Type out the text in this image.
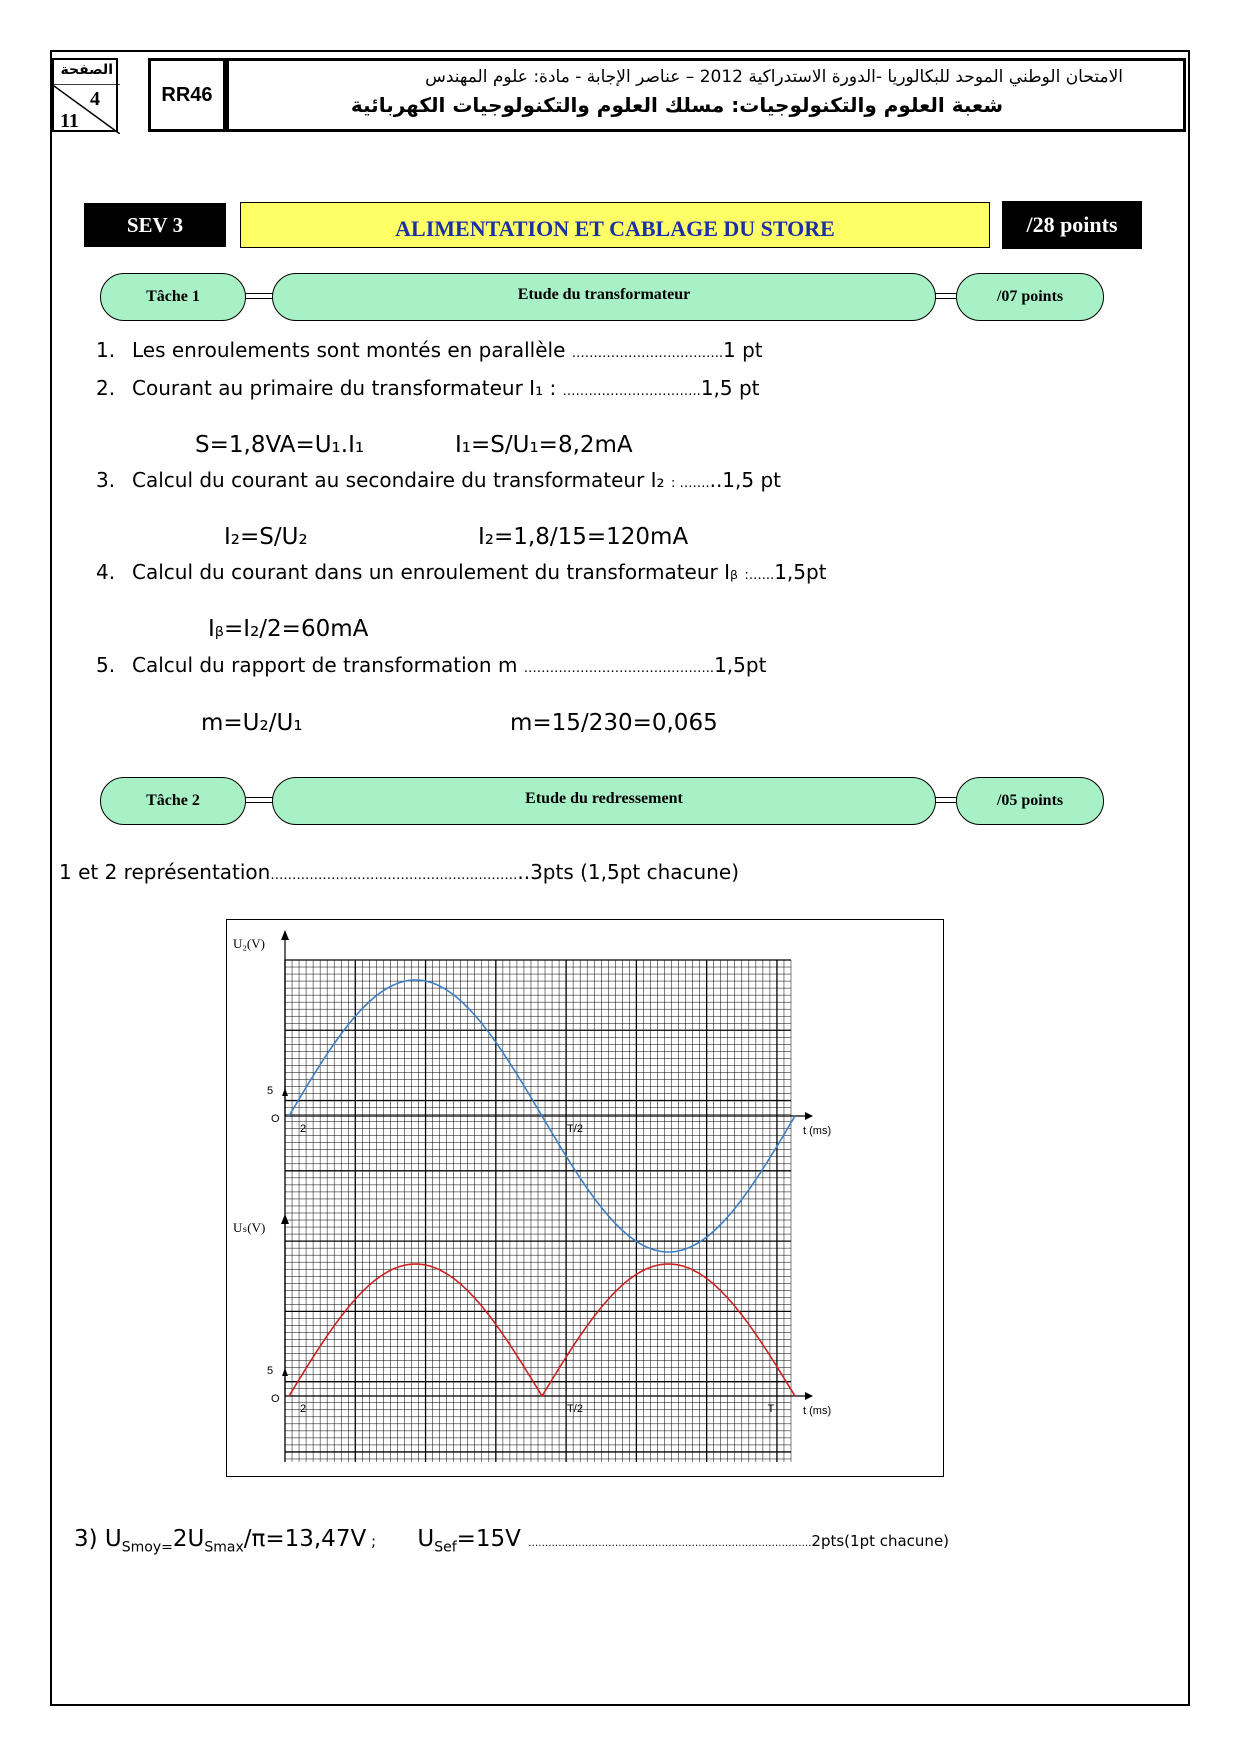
الصفحة
4
11
RR46
الامتحان الوطني الموحد للبكالوريا -الدورة الاستدراكية 2012 – عناصر الإجابة - مادة: علوم المهندس
شعبة العلوم والتكنولوجيات: مسلك العلوم والتكنولوجيات الكهربائية
SEV 3	ALIMENTATION ET CABLAGE DU STORE	/28 points
Tâche 1	Etude du transformateur	/07 points
1. Les enroulements sont montés en parallèle ……………………………..1 pt
2. Courant au primaire du transformateur I₁ : …………………………..1,5 pt
S=1,8VA=U₁.I₁	I₁=S/U₁=8,2mA
3. Calcul du courant au secondaire du transformateur I₂ : ……...1,5 pt
I₂=S/U₂	I₂=1,8/15=120mA
4. Calcul du courant dans un enroulement du transformateur Iᵦ :…...1,5pt
Iᵦ=I₂/2=60mA
5. Calcul du rapport de transformation m ……………………………………..1,5pt
m=U₂/U₁	m=15/230=0,065
Tâche 2	Etude du redressement	/05 points
1 et 2 représentation…………………………………………………..3pts (1,5pt chacune)
U₂(V)
t (ms)
O
5
2	T/2
Uₛ(V)
t (ms)
O
5
2	T/2	T
3) $U_{Smoy=}2U_{Smax}/\pi=13,47V$ ;      $U_{Sef}=15V$ ………………………………………………………………………….2pts(1pt chacune)
